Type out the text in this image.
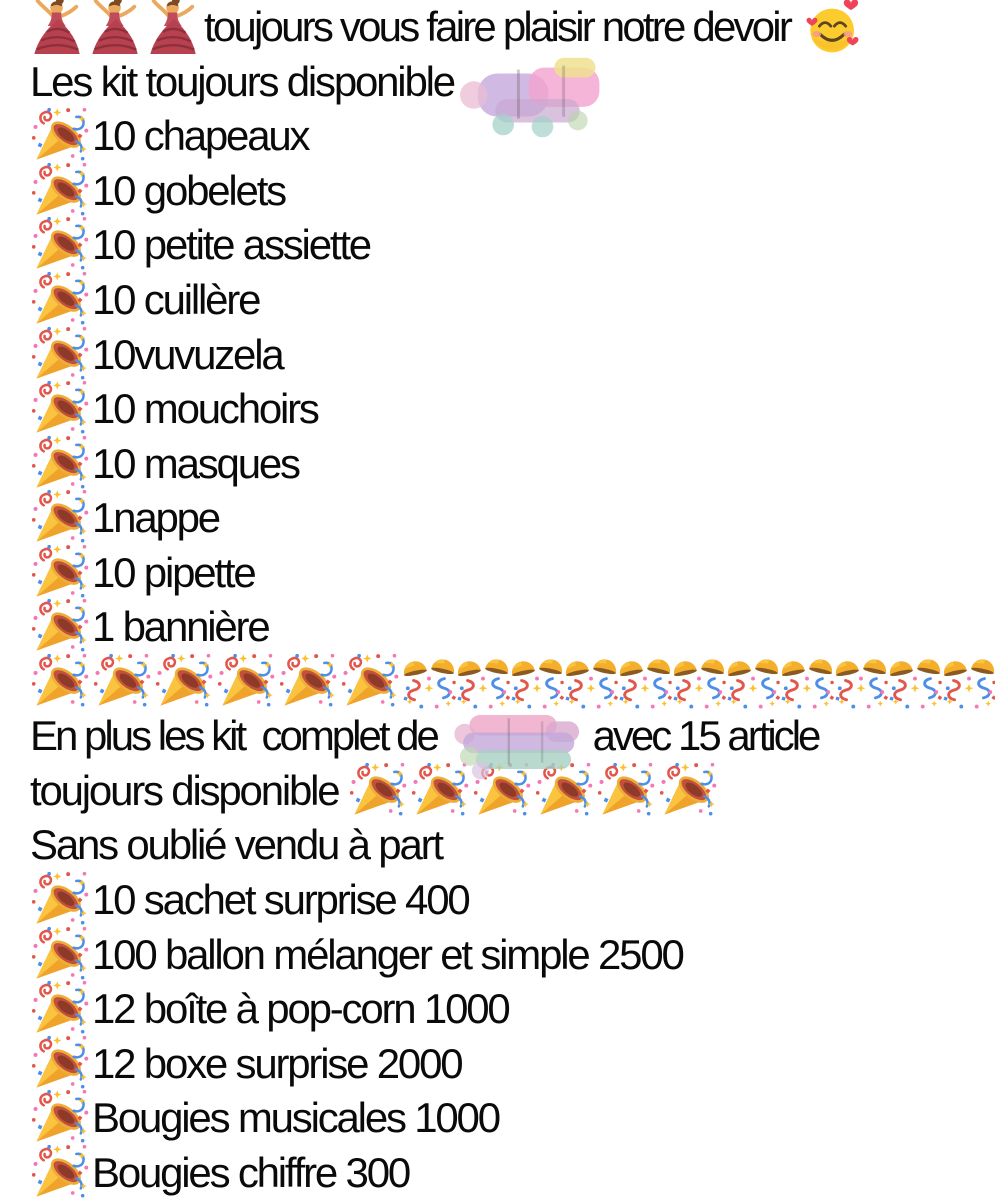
toujours vous faire plaisir notre devoir
Les kit toujours disponible
10 chapeaux
10 gobelets
10 petite assiette
10 cuillère
10vuvuzela
10 mouchoirs
10 masques
1nappe
10 pipette
1 bannière
En plus les kit  complet de	avec 15 article
toujours disponible
Sans oublié vendu à part
10 sachet surprise 400
100 ballon mélanger et simple 2500
12 boîte à pop-corn 1000
12 boxe surprise 2000
Bougies musicales 1000
Bougies chiffre 300
